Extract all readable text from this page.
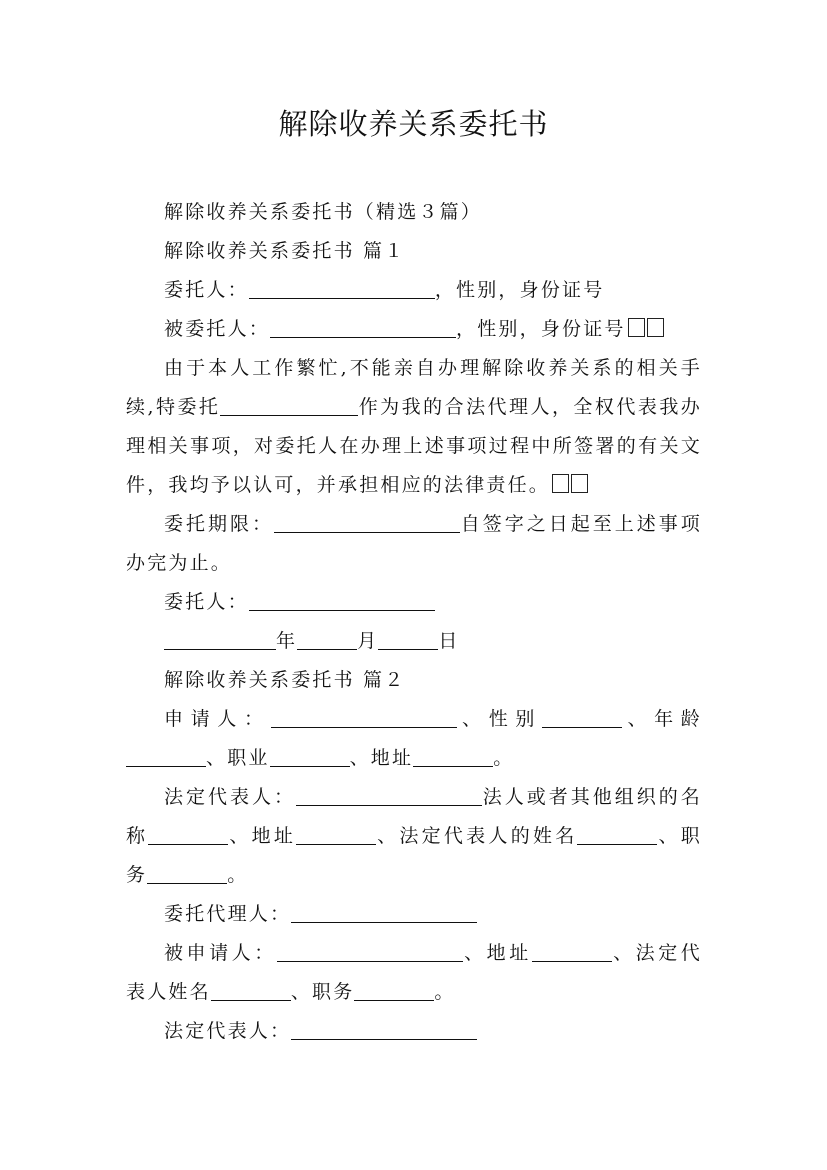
解除收养关系委托书

解除收养关系委托书（精选３篇）

解除收养关系委托书 篇１

委托人：	，性别，身份证号

被委托人：	，性别，身份证号

由于本人工作繁忙,不能亲自办理解除收养关系的相关手续,特委托	作为我的合法代理人，全权代表我办理相关事项，对委托人在办理上述事项过程中所签署的有关文件，我均予以认可，并承担相应的法律责任。

委托期限：	自签字之日起至上述事项办完为止。

委托人：

年	月	日

解除收养关系委托书 篇２

申请人：	、性别	、年龄、职业	、地址	。

法定代表人：	法人或者其他组织的名称	、地址	、法定代表人的姓名	、职务	。

委托代理人：

被申请人：	、地址	、法定代表人姓名	、职务	。

法定代表人：
